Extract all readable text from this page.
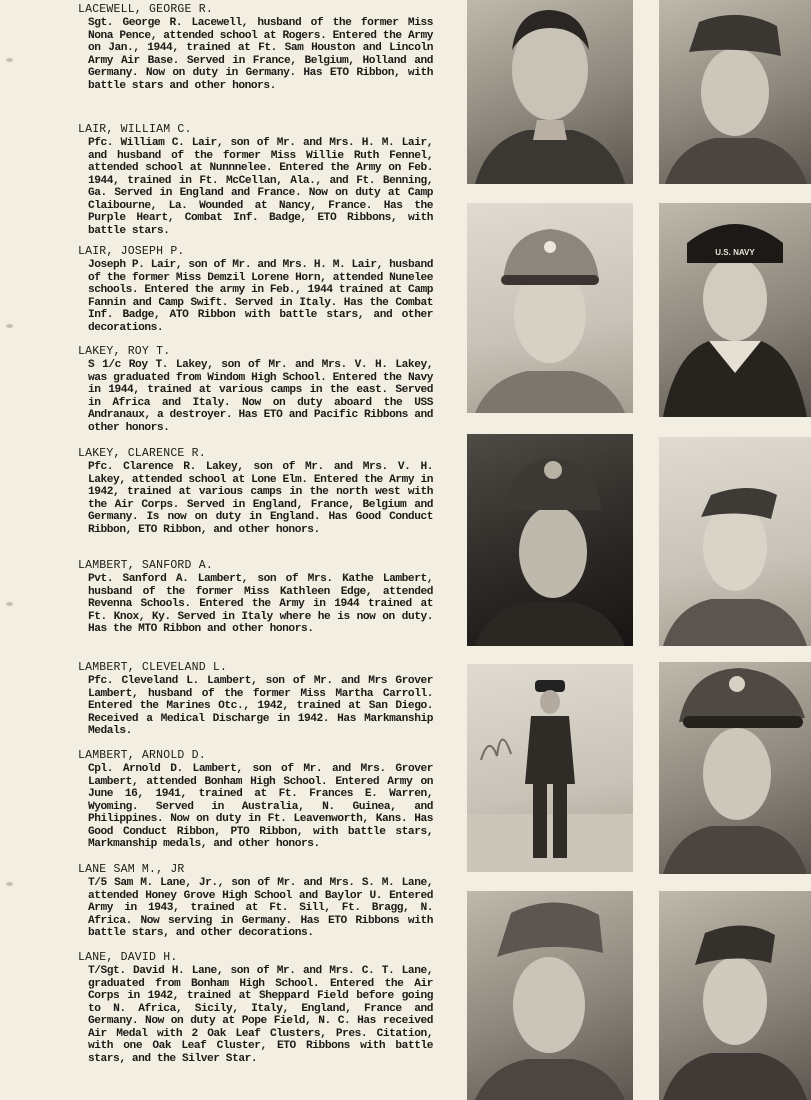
LACEWELL, GEORGE R.

Sgt. George R. Lacewell, husband of the former Miss Nona Pence, attended school at Rogers. Entered the Army on Jan., 1944, trained at Ft. Sam Houston and Lincoln Army Air Base. Served in France, Belgium, Holland and Germany. Now on duty in Germany. Has ETO Ribbon, with battle stars and other honors.

LAIR, WILLIAM C.

Pfc. William C. Lair, son of Mr. and Mrs. H. M. Lair, and husband of the former Miss Willie Ruth Fennel, attended school at Nunnnelee. Entered the Army on Feb. 1944, trained in Ft. McCellan, Ala., and Ft. Benning, Ga. Served in England and France. Now on duty at Camp Claibourne, La. Wounded at Nancy, France. Has the Purple Heart, Combat Inf. Badge, ETO Ribbons, with battle stars.

LAIR, JOSEPH P.

Joseph P. Lair, son of Mr. and Mrs. H. M. Lair, husband of the former Miss Demzil Lorene Horn, attended Nunelee schools. Entered the army in Feb., 1944 trained at Camp Fannin and Camp Swift. Served in Italy. Has the Combat Inf. Badge, ATO Ribbon with battle stars, and other decorations.

LAKEY, ROY T.

S 1/c Roy T. Lakey, son of Mr. and Mrs. V. H. Lakey, was graduated from Windom High School. Entered the Navy in 1944, trained at various camps in the east. Served in Africa and Italy. Now on duty aboard the USS Andranaux, a destroyer. Has ETO and Pacific Ribbons and other honors.

LAKEY, CLARENCE R.

Pfc. Clarence R. Lakey, son of Mr. and Mrs. V. H. Lakey, attended school at Lone Elm. Entered the Army in 1942, trained at various camps in the north west with the Air Corps. Served in England, France, Belgium and Germany. Is now on duty in England. Has Good Conduct Ribbon, ETO Ribbon, and other honors.

LAMBERT, SANFORD A.

Pvt. Sanford A. Lambert, son of Mrs. Kathe Lambert, husband of the former Miss Kathleen Edge, attended Revenna Schools. Entered the Army in 1944 trained at Ft. Knox, Ky. Served in Italy where he is now on duty. Has the MTO Ribbon and other honors.

LAMBERT, CLEVELAND L.

Pfc. Cleveland L. Lambert, son of Mr. and Mrs Grover Lambert, husband of the former Miss Martha Carroll. Entered the Marines Otc., 1942, trained at San Diego. Received a Medical Discharge in 1942. Has Markmanship Medals.

LAMBERT, ARNOLD D.

Cpl. Arnold D. Lambert, son of Mr. and Mrs. Grover Lambert, attended Bonham High School. Entered Army on June 16, 1941, trained at Ft. Frances E. Warren, Wyoming. Served in Australia, N. Guinea, and Philippines. Now on duty in Ft. Leavenworth, Kans. Has Good Conduct Ribbon, PTO Ribbon, with battle stars, Markmanship medals, and other honors.

LANE SAM M., JR

T/5 Sam M. Lane, Jr., son of Mr. and Mrs. S. M. Lane, attended Honey Grove High School and Baylor U. Entered Army in 1943, trained at Ft. Sill, Ft. Bragg, N. Africa. Now serving in Germany. Has ETO Ribbons with battle stars, and other decorations.

LANE, DAVID H.

T/Sgt. David H. Lane, son of Mr. and Mrs. C. T. Lane, graduated from Bonham High School. Entered the Air Corps in 1942, trained at Sheppard Field before going to N. Africa, Sicily, Italy, England, France and Germany. Now on duty at Pope Field, N. C. Has received Air Medal with 2 Oak Leaf Clusters, Pres. Citation, with one Oak Leaf Cluster, ETO Ribbons with battle stars, and the Silver Star.

U.S. NAVY
